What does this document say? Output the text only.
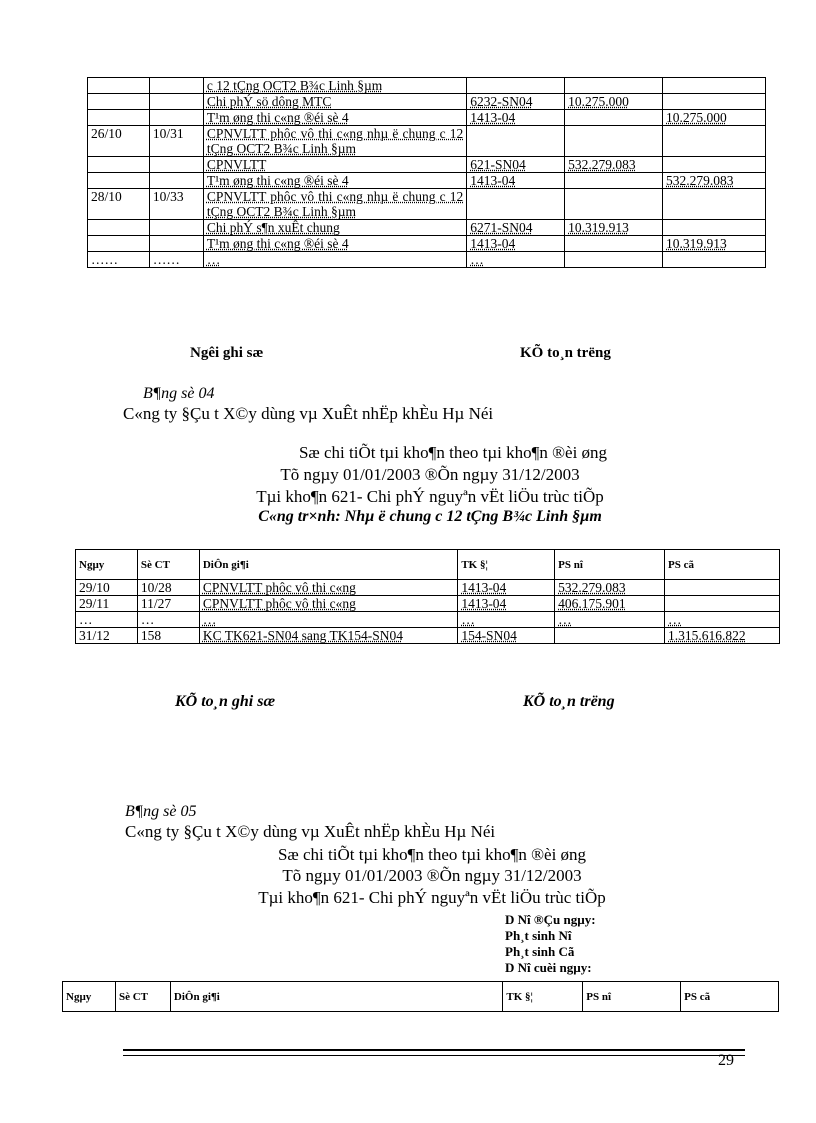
		c 12 tÇng OCT2 B¾c Linh §µm			
		Chi phÝ sö dông MTC	6232-SN04	10.275.000	
		T¹m øng thi c«ng ®éi sè 4	1413-04		10.275.000
26/10	10/31	CPNVLTT phôc vô thi c«ng nhµ ë chung c 12 tÇng OCT2 B¾c Linh §µm			
		CPNVLTT	621-SN04	532.279.083	
		T¹m øng thi c«ng ®éi sè 4	1413-04		532.279.083
28/10	10/33	CPNVLTT phôc vô thi c«ng nhµ ë chung c 12 tÇng OCT2 B¾c Linh §µm			
		Chi phÝ s¶n xuÊt chung	6271-SN04	10.319.913	
		T¹m øng thi c«ng ®éi sè 4	1413-04		10.319.913
……	……	…	…		
Ngêi ghi sæ	KÕ to¸n trëng
B¶ng sè 04
C«ng ty §Çu t X©y dùng vµ XuÊt nhËp khÈu Hµ Néi
Sæ chi tiÕt tµi kho¶n theo tµi kho¶n ®èi øng
Tõ ngµy 01/01/2003 ®Õn ngµy 31/12/2003
Tµi kho¶n 621- Chi phÝ nguyªn vËt liÖu trùc tiÕp
C«ng tr×nh: Nhµ ë chung c 12 tÇng B¾c Linh §µm
Ngµy	Sè CT	DiÔn gi¶i	TK §¦	PS nî	PS cã
29/10	10/28	CPNVLTT phôc vô thi c«ng	1413-04	532.279.083	
29/11	11/27	CPNVLTT phôc vô thi c«ng	1413-04	406.175.901	
…	…	…	…	…	…
31/12	158	KC TK621-SN04 sang TK154-SN04	154-SN04		1.315.616.822
KÕ to¸n ghi sæ	KÕ to¸n trëng
B¶ng sè 05
C«ng ty §Çu t X©y dùng vµ XuÊt nhËp khÈu Hµ Néi
Sæ chi tiÕt tµi kho¶n theo tµi kho¶n ®èi øng
Tõ ngµy 01/01/2003 ®Õn ngµy 31/12/2003
Tµi kho¶n 621- Chi phÝ nguyªn vËt liÖu trùc tiÕp
D Nî ®Çu ngµy:
Ph¸t sinh Nî
Ph¸t sinh Cã
D Nî cuèi ngµy:
Ngµy	Sè CT	DiÔn gi¶i	TK §¦	PS nî	PS cã
29
